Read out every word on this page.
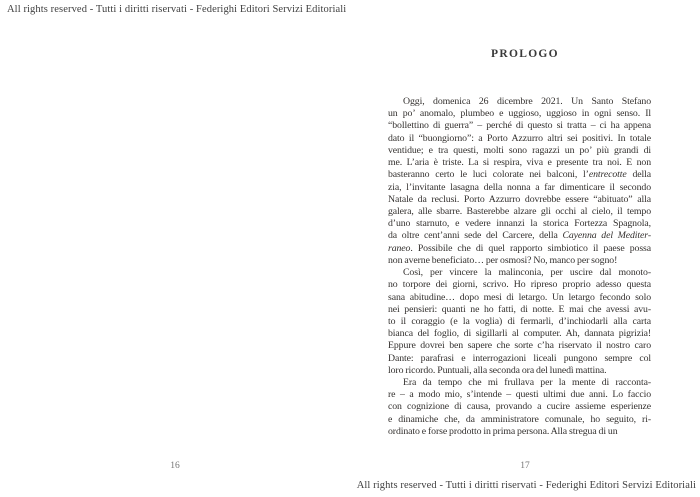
All rights reserved - Tutti i diritti riservati - Federighi Editori Servizi Editoriali
16
PROLOGO
Oggi, domenica 26 dicembre 2021. Un Santo Stefano
un po’ anomalo, plumbeo e uggioso, uggioso in ogni senso. Il
“bollettino di guerra” – perché di questo si tratta – ci ha appena
dato il “buongiorno”: a Porto Azzurro altri sei positivi. In totale
ventidue; e tra questi, molti sono ragazzi un po’ più grandi di
me. L’aria è triste. La si respira, viva e presente tra noi. E non
basteranno certo le luci colorate nei balconi, l’entrecotte della
zia, l’invitante lasagna della nonna a far dimenticare il secondo
Natale da reclusi. Porto Azzurro dovrebbe essere “abituato” alla
galera, alle sbarre. Basterebbe alzare gli occhi al cielo, il tempo
d’uno starnuto, e vedere innanzi la storica Fortezza Spagnola,
da oltre cent’anni sede del Carcere, della Cayenna del Mediter-
raneo. Possibile che di quel rapporto simbiotico il paese possa
non averne beneficiato… per osmosi? No, manco per sogno!
Così, per vincere la malinconia, per uscire dal monoto-
no torpore dei giorni, scrivo. Ho ripreso proprio adesso questa
sana abitudine… dopo mesi di letargo. Un letargo fecondo solo
nei pensieri: quanti ne ho fatti, di notte. E mai che avessi avu-
to il coraggio (e la voglia) di fermarli, d’inchiodarli alla carta
bianca del foglio, di sigillarli al computer. Ah, dannata pigrizia!
Eppure dovrei ben sapere che sorte c’ha riservato il nostro caro
Dante: parafrasi e interrogazioni liceali pungono sempre col
loro ricordo. Puntuali, alla seconda ora del lunedì mattina.
Era da tempo che mi frullava per la mente di racconta-
re – a modo mio, s’intende – questi ultimi due anni. Lo faccio
con cognizione di causa, provando a cucire assieme esperienze
e dinamiche che, da amministratore comunale, ho seguito, ri-
ordinato e forse prodotto in prima persona. Alla stregua di un
17
All rights reserved - Tutti i diritti riservati - Federighi Editori Servizi Editoriali
